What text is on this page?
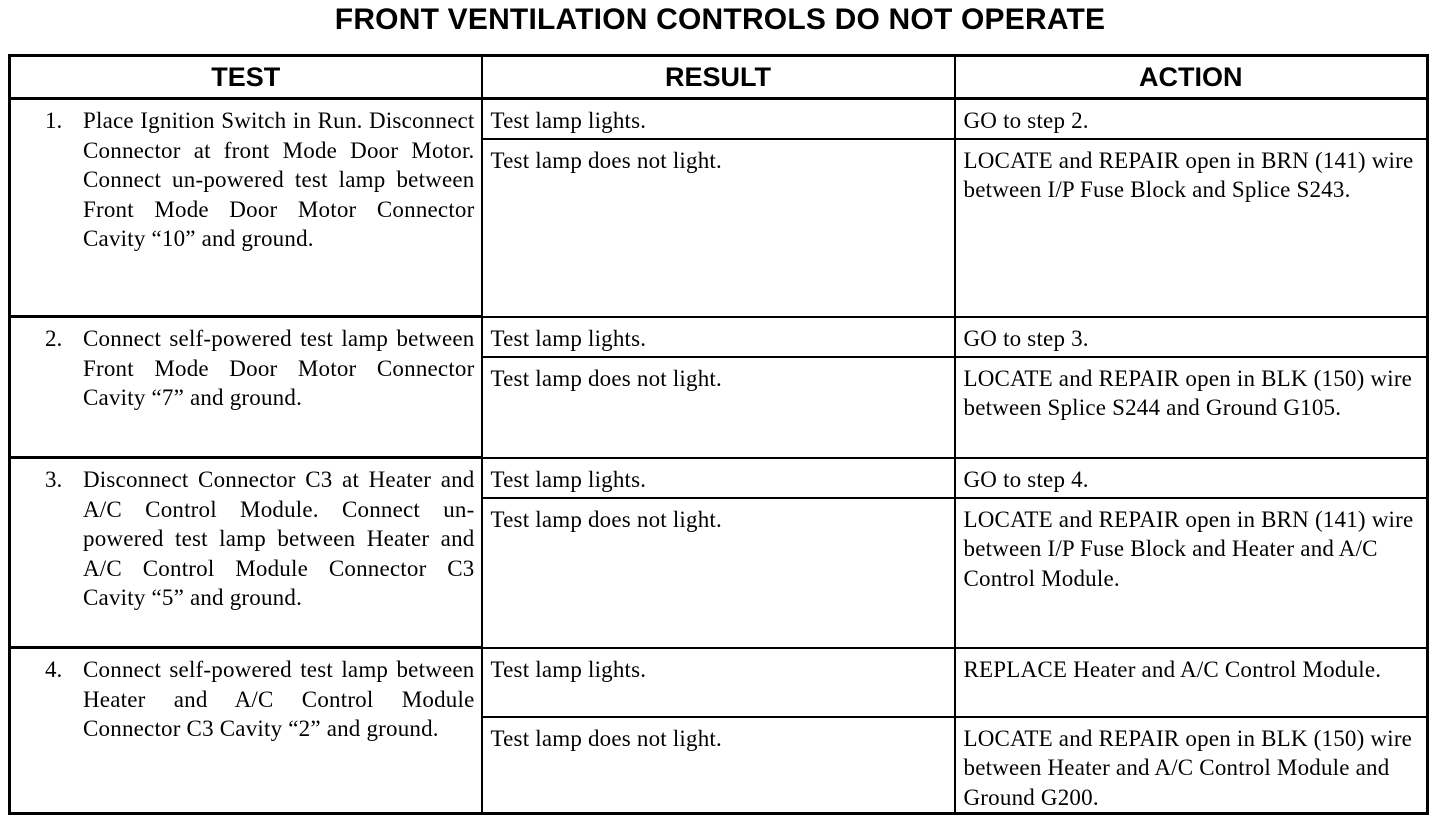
FRONT VENTILATION CONTROLS DO NOT OPERATE
TEST	RESULT	ACTION

1. Place Ignition Switch in Run. Disconnect Connector at front Mode Door Motor. Connect un-powered test lamp between Front Mode Door Motor Connector Cavity “10” and ground.	Test lamp lights.	GO to step 2.

	Test lamp does not light.	LOCATE and REPAIR open in BRN (141) wire between I/P Fuse Block and Splice S243.

2. Connect self-powered test lamp between Front Mode Door Motor Connector Cavity “7” and ground.	Test lamp lights.	GO to step 3.

	Test lamp does not light.	LOCATE and REPAIR open in BLK (150) wire between Splice S244 and Ground G105.

3. Disconnect Connector C3 at Heater and A/C Control Module. Connect un-powered test lamp between Heater and A/C Control Module Connector C3 Cavity “5” and ground.	Test lamp lights.	GO to step 4.

	Test lamp does not light.	LOCATE and REPAIR open in BRN (141) wire between I/P Fuse Block and Heater and A/C Control Module.

4. Connect self-powered test lamp between Heater and A/C Control Module Connector C3 Cavity “2” and ground.	Test lamp lights.	REPLACE Heater and A/C Control Module.

	Test lamp does not light.	LOCATE and REPAIR open in BLK (150) wire between Heater and A/C Control Module and Ground G200.
